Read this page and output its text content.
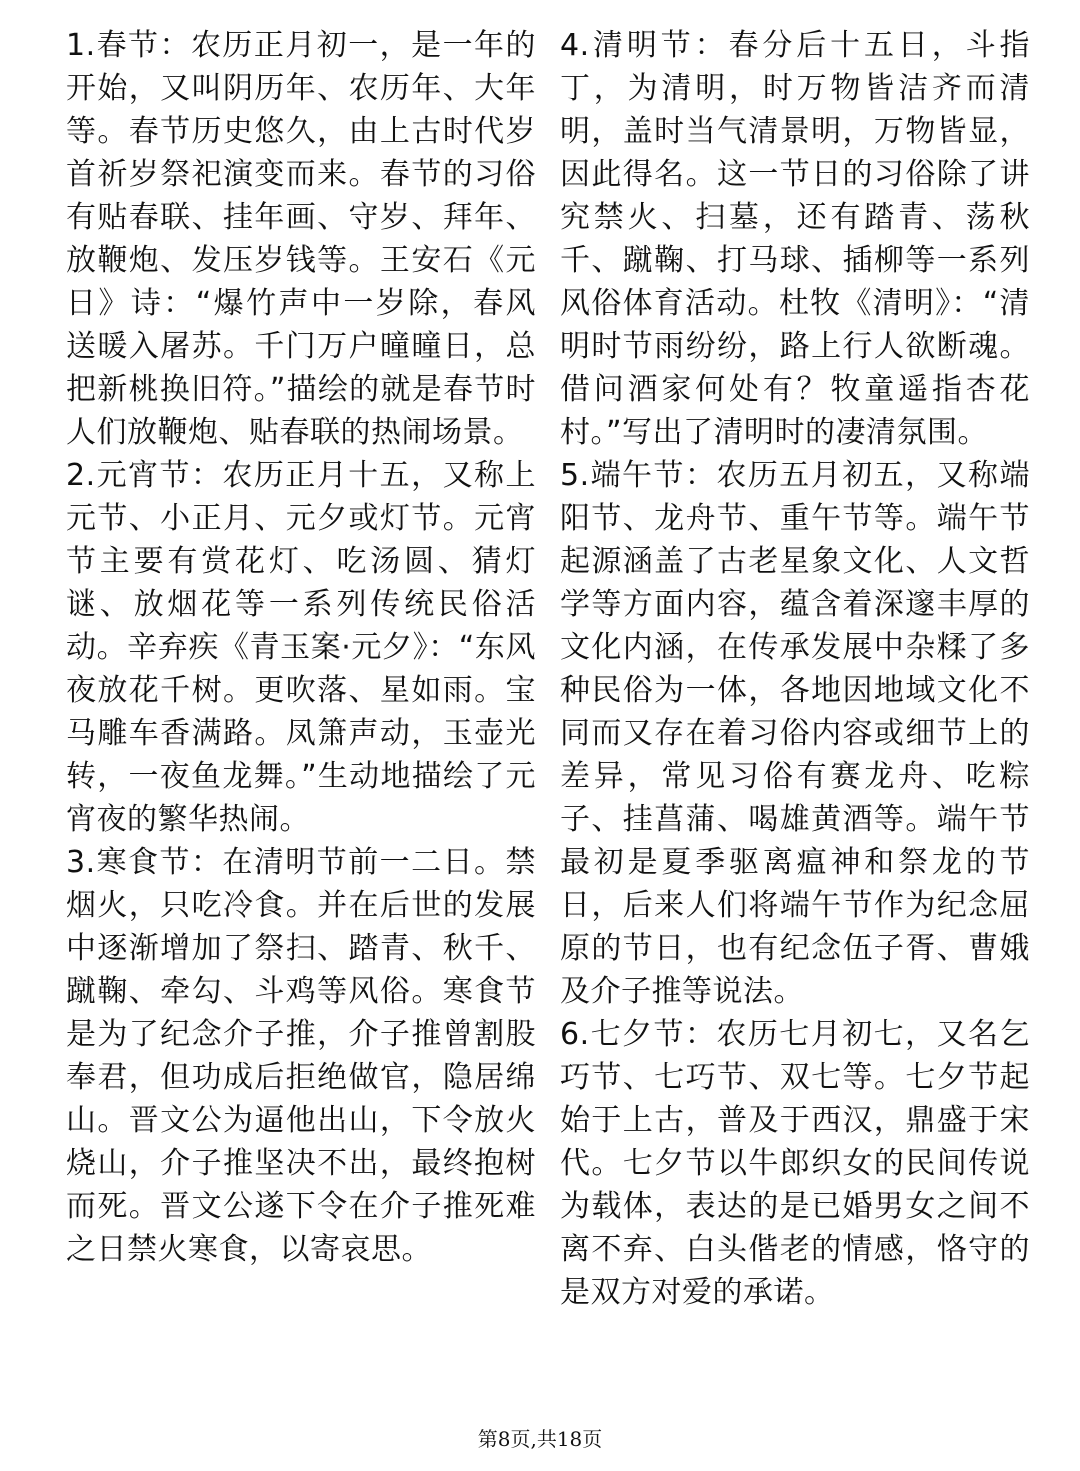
1.春节：农历正月初一，是一年的开始，又叫阴历年、农历年、大年等。春节历史悠久，由上古时代岁首祈岁祭祀演变而来。春节的习俗有贴春联、挂年画、守岁、拜年、放鞭炮、发压岁钱等。王安石《元日》诗：“爆竹声中一岁除，春风送暖入屠苏。千门万户曈曈日，总把新桃换旧符。”描绘的就是春节时人们放鞭炮、贴春联的热闹场景。

2.元宵节：农历正月十五，又称上元节、小正月、元夕或灯节。元宵节主要有赏花灯、吃汤圆、猜灯谜、放烟花等一系列传统民俗活动。辛弃疾《青玉案·元夕》：“东风夜放花千树。更吹落、星如雨。宝马雕车香满路。凤箫声动，玉壶光转，一夜鱼龙舞。”生动地描绘了元宵夜的繁华热闹。

3.寒食节：在清明节前一二日。禁烟火，只吃冷食。并在后世的发展中逐渐增加了祭扫、踏青、秋千、蹴鞠、牵勾、斗鸡等风俗。寒食节是为了纪念介子推，介子推曾割股奉君，但功成后拒绝做官，隐居绵山。晋文公为逼他出山，下令放火烧山，介子推坚决不出，最终抱树而死。晋文公遂下令在介子推死难之日禁火寒食，以寄哀思。

4.清明节：春分后十五日，斗指丁，为清明，时万物皆洁齐而清明，盖时当气清景明，万物皆显，因此得名。这一节日的习俗除了讲究禁火、扫墓，还有踏青、荡秋千、蹴鞠、打马球、插柳等一系列风俗体育活动。杜牧《清明》：“清明时节雨纷纷，路上行人欲断魂。借问酒家何处有？牧童遥指杏花村。”写出了清明时的凄清氛围。

5.端午节：农历五月初五，又称端阳节、龙舟节、重午节等。端午节起源涵盖了古老星象文化、人文哲学等方面内容，蕴含着深邃丰厚的文化内涵，在传承发展中杂糅了多种民俗为一体，各地因地域文化不同而又存在着习俗内容或细节上的差异，常见习俗有赛龙舟、吃粽子、挂菖蒲、喝雄黄酒等。端午节最初是夏季驱离瘟神和祭龙的节日，后来人们将端午节作为纪念屈原的节日，也有纪念伍子胥、曹娥及介子推等说法。

6.七夕节：农历七月初七，又名乞巧节、七巧节、双七等。七夕节起始于上古，普及于西汉，鼎盛于宋代。七夕节以牛郎织女的民间传说为载体，表达的是已婚男女之间不离不弃、白头偕老的情感，恪守的是双方对爱的承诺。

第8页,共18页
